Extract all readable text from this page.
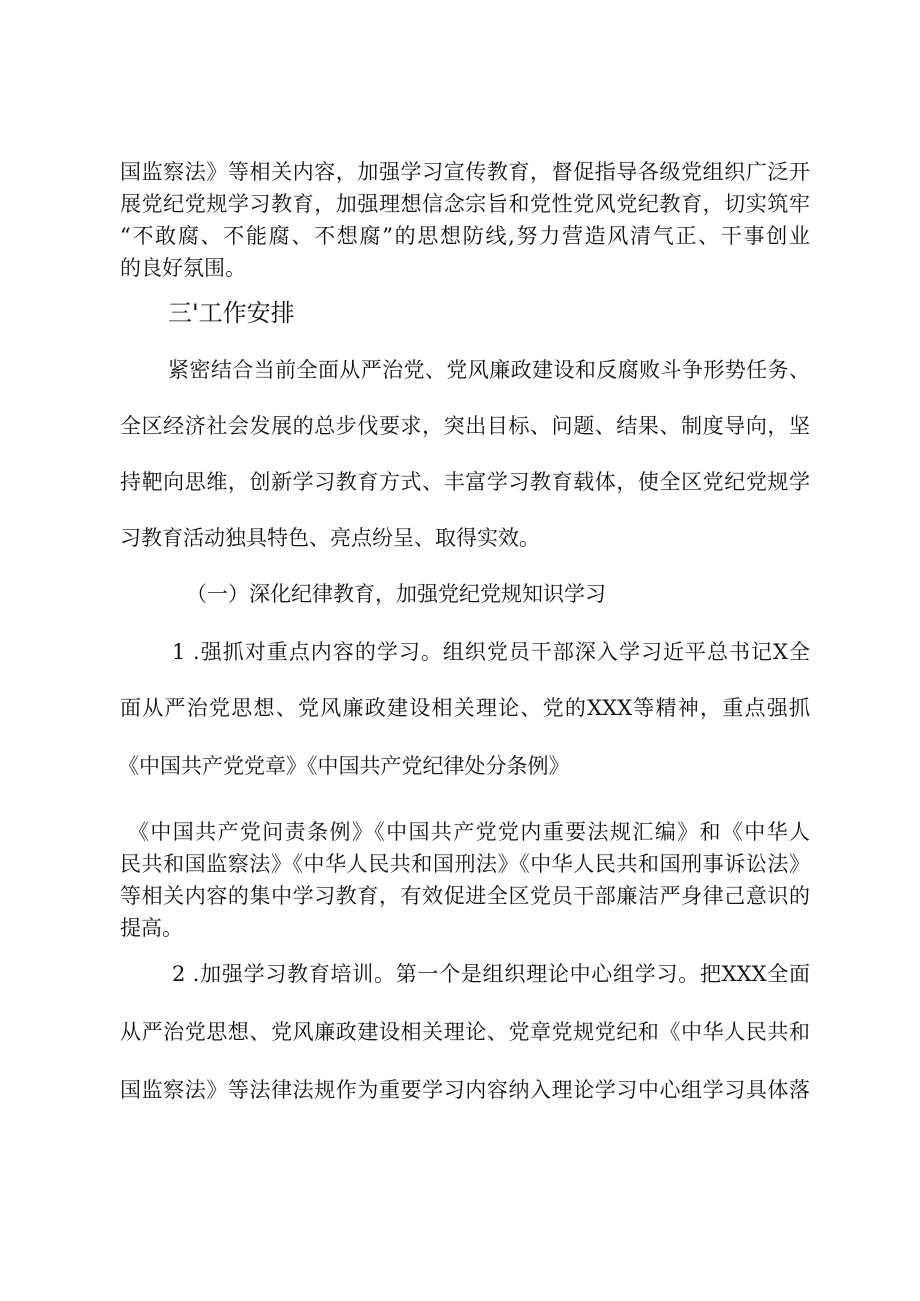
国监察法》等相关内容，加强学习宣传教育，督促指导各级党组织广泛开
展党纪党规学习教育，加强理想信念宗旨和党性党风党纪教育，切实筑牢
“不敢腐、不能腐、不想腐”的思想防线,努力营造风清气正、干事创业
的良好氛围。
三'工作安排
紧密结合当前全面从严治党、党风廉政建设和反腐败斗争形势任务、
全区经济社会发展的总步伐要求，突出目标、问题、结果、制度导向，坚
持靶向思维，创新学习教育方式、丰富学习教育载体，使全区党纪党规学
习教育活动独具特色、亮点纷呈、取得实效。
（一）深化纪律教育，加强党纪党规知识学习
1 .强抓对重点内容的学习。组织党员干部深入学习近平总书记X全
面从严治党思想、党风廉政建设相关理论、党的XXX等精神，重点强抓
《中国共产党党章》《中国共产党纪律处分条例》
《中国共产党问责条例》《中国共产党党内重要法规汇编》和《中华人
民共和国监察法》《中华人民共和国刑法》《中华人民共和国刑事诉讼法》
等相关内容的集中学习教育，有效促进全区党员干部廉洁严身律己意识的
提高。
2 .加强学习教育培训。第一个是组织理论中心组学习。把XXX全面
从严治党思想、党风廉政建设相关理论、党章党规党纪和《中华人民共和
国监察法》等法律法规作为重要学习内容纳入理论学习中心组学习具体落
